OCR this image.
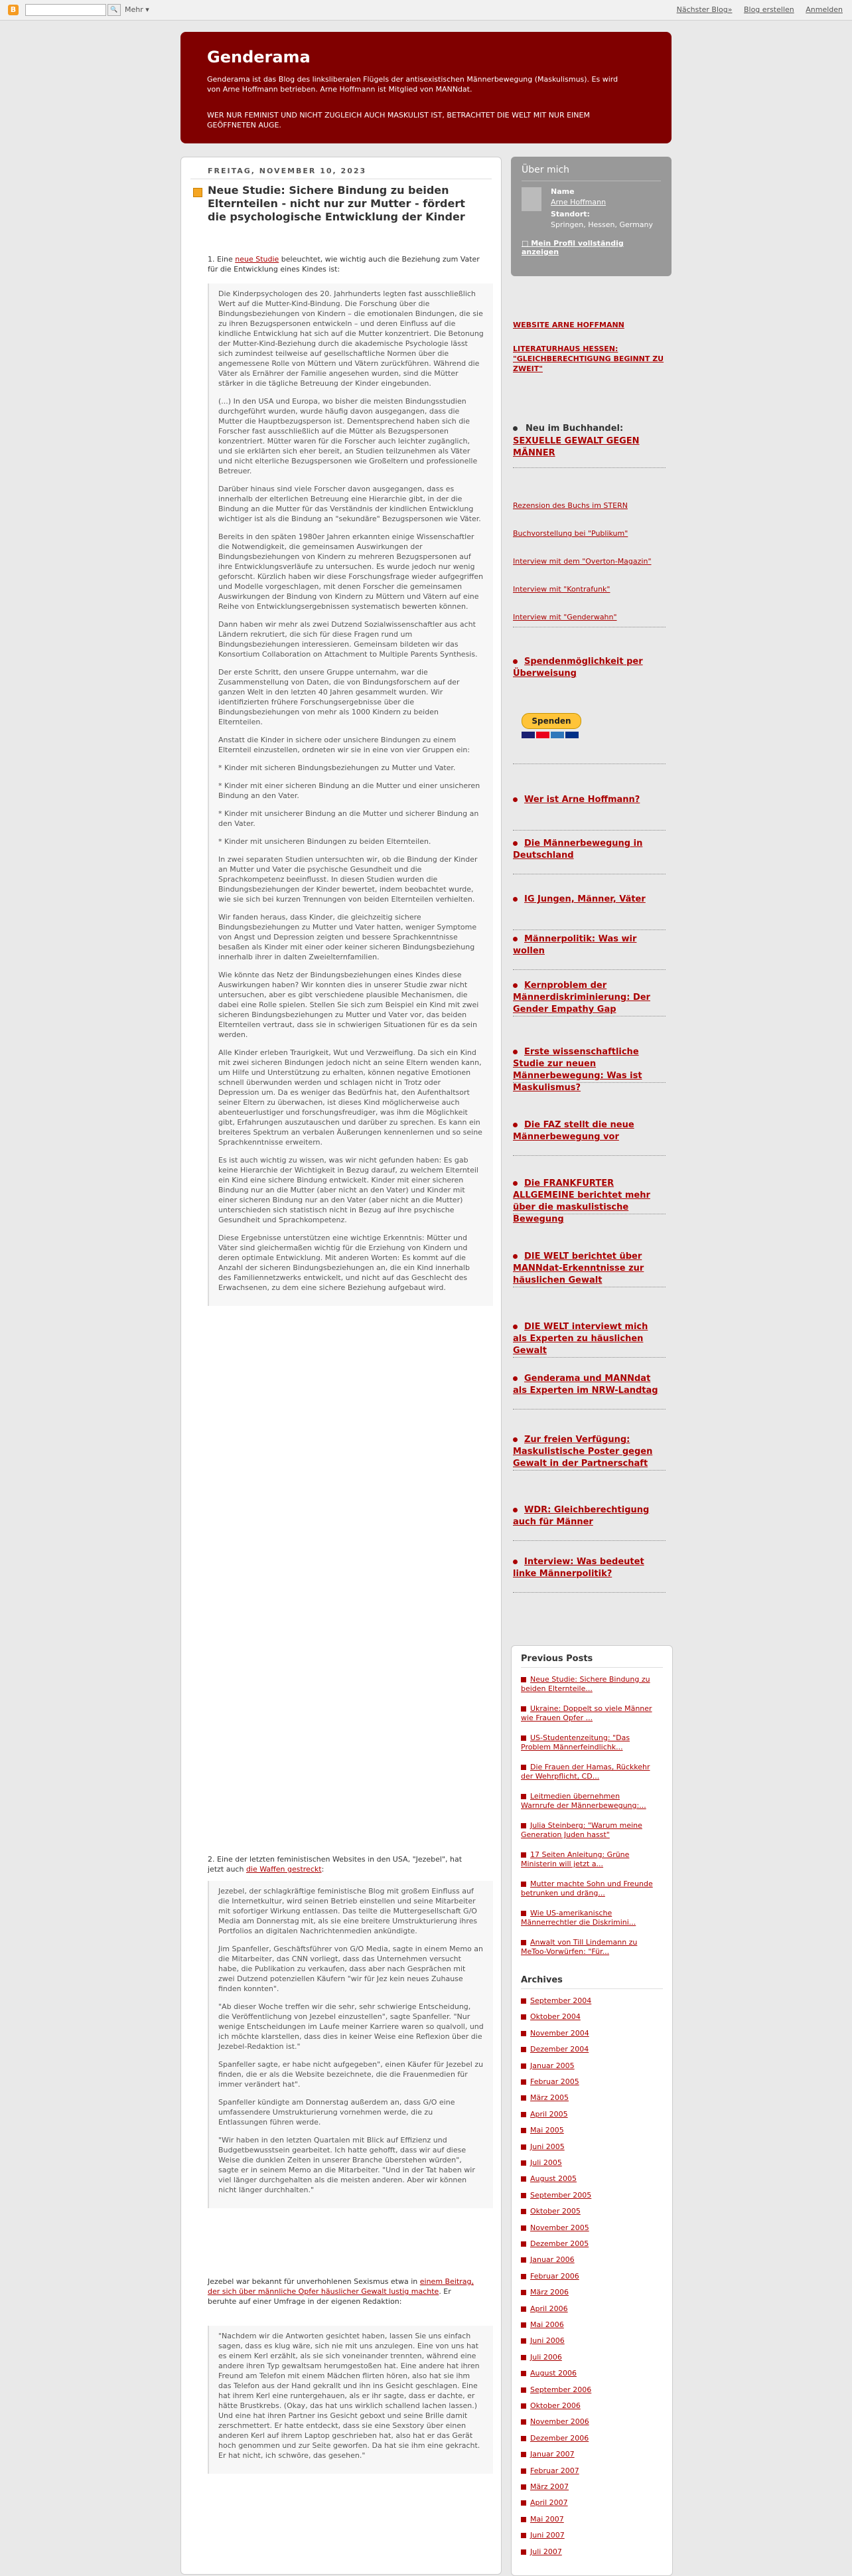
B	🔍 Mehr ▾	Nächster Blog» Blog erstellen Anmelden
Genderama
Genderama ist das Blog des linksliberalen Flügels der antisexistischen Männerbewegung (Maskulismus). Es wird von Arne Hoffmann betrieben. Arne Hoffmann ist Mitglied von MANNdat.
WER NUR FEMINIST UND NICHT ZUGLEICH AUCH MASKULIST IST, BETRACHTET DIE WELT MIT NUR EINEM GEÖFFNETEN AUGE.
FREITAG, NOVEMBER 10, 2023
Neue Studie: Sichere Bindung zu beiden Elternteilen - nicht nur zur Mutter - fördert die psychologische Entwicklung der Kinder
1. Eine neue Studie beleuchtet, wie wichtig auch die Beziehung zum Vater für die Entwicklung eines Kindes ist:

Die Kinderpsychologen des 20. Jahrhunderts legten fast ausschließlich Wert auf die Mutter-Kind-Bindung. Die Forschung über die Bindungsbeziehungen von Kindern – die emotionalen Bindungen, die sie zu ihren Bezugspersonen entwickeln – und deren Einfluss auf die kindliche Entwicklung hat sich auf die Mutter konzentriert. Die Betonung der Mutter-Kind-Beziehung durch die akademische Psychologie lässt sich zumindest teilweise auf gesellschaftliche Normen über die angemessene Rolle von Müttern und Vätern zurückführen. Während die Väter als Ernährer der Familie angesehen wurden, sind die Mütter stärker in die tägliche Betreuung der Kinder eingebunden.

(...) In den USA und Europa, wo bisher die meisten Bindungsstudien durchgeführt wurden, wurde häufig davon ausgegangen, dass die Mutter die Hauptbezugsperson ist. Dementsprechend haben sich die Forscher fast ausschließlich auf die Mütter als Bezugspersonen konzentriert. Mütter waren für die Forscher auch leichter zugänglich, und sie erklärten sich eher bereit, an Studien teilzunehmen als Väter und nicht elterliche Bezugspersonen wie Großeltern und professionelle Betreuer.

Darüber hinaus sind viele Forscher davon ausgegangen, dass es innerhalb der elterlichen Betreuung eine Hierarchie gibt, in der die Bindung an die Mutter für das Verständnis der kindlichen Entwicklung wichtiger ist als die Bindung an "sekundäre" Bezugspersonen wie Väter.

Bereits in den späten 1980er Jahren erkannten einige Wissenschaftler die Notwendigkeit, die gemeinsamen Auswirkungen der Bindungsbeziehungen von Kindern zu mehreren Bezugspersonen auf ihre Entwicklungsverläufe zu untersuchen. Es wurde jedoch nur wenig geforscht. Kürzlich haben wir diese Forschungsfrage wieder aufgegriffen und Modelle vorgeschlagen, mit denen Forscher die gemeinsamen Auswirkungen der Bindung von Kindern zu Müttern und Vätern auf eine Reihe von Entwicklungsergebnissen systematisch bewerten können.

Dann haben wir mehr als zwei Dutzend Sozialwissenschaftler aus acht Ländern rekrutiert, die sich für diese Fragen rund um Bindungsbeziehungen interessieren. Gemeinsam bildeten wir das Konsortium Collaboration on Attachment to Multiple Parents Synthesis.

Der erste Schritt, den unsere Gruppe unternahm, war die Zusammenstellung von Daten, die von Bindungsforschern auf der ganzen Welt in den letzten 40 Jahren gesammelt wurden. Wir identifizierten frühere Forschungsergebnisse über die Bindungsbeziehungen von mehr als 1000 Kindern zu beiden Elternteilen.

Anstatt die Kinder in sichere oder unsichere Bindungen zu einem Elternteil einzustellen, ordneten wir sie in eine von vier Gruppen ein:

* Kinder mit sicheren Bindungsbeziehungen zu Mutter und Vater.

* Kinder mit einer sicheren Bindung an die Mutter und einer unsicheren Bindung an den Vater.

* Kinder mit unsicherer Bindung an die Mutter und sicherer Bindung an den Vater.

* Kinder mit unsicheren Bindungen zu beiden Elternteilen.

In zwei separaten Studien untersuchten wir, ob die Bindung der Kinder an Mutter und Vater die psychische Gesundheit und die Sprachkompetenz beeinflusst. In diesen Studien wurden die Bindungsbeziehungen der Kinder bewertet, indem beobachtet wurde, wie sie sich bei kurzen Trennungen von beiden Elternteilen verhielten.

Wir fanden heraus, dass Kinder, die gleichzeitig sichere Bindungsbeziehungen zu Mutter und Vater hatten, weniger Symptome von Angst und Depression zeigten und bessere Sprachkenntnisse besaßen als Kinder mit einer oder keiner sicheren Bindungsbeziehung innerhalb ihrer in dalten Zweielternfamilien.

Wie könnte das Netz der Bindungsbeziehungen eines Kindes diese Auswirkungen haben? Wir konnten dies in unserer Studie zwar nicht untersuchen, aber es gibt verschiedene plausible Mechanismen, die dabei eine Rolle spielen. Stellen Sie sich zum Beispiel ein Kind mit zwei sicheren Bindungsbeziehungen zu Mutter und Vater vor, das beiden Elternteilen vertraut, dass sie in schwierigen Situationen für es da sein werden.

Alle Kinder erleben Traurigkeit, Wut und Verzweiflung. Da sich ein Kind mit zwei sicheren Bindungen jedoch nicht an seine Eltern wenden kann, um Hilfe und Unterstützung zu erhalten, können negative Emotionen schnell überwunden werden und schlagen nicht in Trotz oder Depression um. Da es weniger das Bedürfnis hat, den Aufenthaltsort seiner Eltern zu überwachen, ist dieses Kind möglicherweise auch abenteuerlustiger und forschungsfreudiger, was ihm die Möglichkeit gibt, Erfahrungen auszutauschen und darüber zu sprechen. Es kann ein breiteres Spektrum an verbalen Äußerungen kennenlernen und so seine Sprachkenntnisse erweitern.

Es ist auch wichtig zu wissen, was wir nicht gefunden haben: Es gab keine Hierarchie der Wichtigkeit in Bezug darauf, zu welchem Elternteil ein Kind eine sichere Bindung entwickelt. Kinder mit einer sicheren Bindung nur an die Mutter (aber nicht an den Vater) und Kinder mit einer sicheren Bindung nur an den Vater (aber nicht an die Mutter) unterschieden sich statistisch nicht in Bezug auf ihre psychische Gesundheit und Sprachkompetenz.

Diese Ergebnisse unterstützen eine wichtige Erkenntnis: Mütter und Väter sind gleichermaßen wichtig für die Erziehung von Kindern und deren optimale Entwicklung. Mit anderen Worten: Es kommt auf die Anzahl der sicheren Bindungsbeziehungen an, die ein Kind innerhalb des Familiennetzwerks entwickelt, und nicht auf das Geschlecht des Erwachsenen, zu dem eine sichere Beziehung aufgebaut wird.

2. Eine der letzten feministischen Websites in den USA, "Jezebel", hat jetzt auch die Waffen gestreckt:

Jezebel, der schlagkräftige feministische Blog mit großem Einfluss auf die Internetkultur, wird seinen Betrieb einstellen und seine Mitarbeiter mit sofortiger Wirkung entlassen. Das teilte die Muttergesellschaft G/O Media am Donnerstag mit, als sie eine breitere Umstrukturierung ihres Portfolios an digitalen Nachrichtenmedien ankündigte.

Jim Spanfeller, Geschäftsführer von G/O Media, sagte in einem Memo an die Mitarbeiter, das CNN vorliegt, dass das Unternehmen versucht habe, die Publikation zu verkaufen, dass aber nach Gesprächen mit zwei Dutzend potenziellen Käufern "wir für Jez kein neues Zuhause finden konnten".

"Ab dieser Woche treffen wir die sehr, sehr schwierige Entscheidung, die Veröffentlichung von Jezebel einzustellen", sagte Spanfeller. "Nur wenige Entscheidungen im Laufe meiner Karriere waren so qualvoll, und ich möchte klarstellen, dass dies in keiner Weise eine Reflexion über die Jezebel-Redaktion ist."

Spanfeller sagte, er habe nicht aufgegeben", einen Käufer für Jezebel zu finden, die er als die Website bezeichnete, die die Frauenmedien für immer verändert hat".

Spanfeller kündigte am Donnerstag außerdem an, dass G/O eine umfassendere Umstrukturierung vornehmen werde, die zu Entlassungen führen werde.

"Wir haben in den letzten Quartalen mit Blick auf Effizienz und Budgetbewusstsein gearbeitet. Ich hatte gehofft, dass wir auf diese Weise die dunklen Zeiten in unserer Branche überstehen würden", sagte er in seinem Memo an die Mitarbeiter. "Und in der Tat haben wir viel länger durchgehalten als die meisten anderen. Aber wir können nicht länger durchhalten."

Jezebel war bekannt für unverhohlenen Sexismus etwa in einem Beitrag, der sich über männliche Opfer häuslicher Gewalt lustig machte. Er beruhte auf einer Umfrage in der eigenen Redaktion:

"Nachdem wir die Antworten gesichtet haben, lassen Sie uns einfach sagen, dass es klug wäre, sich nie mit uns anzulegen. Eine von uns hat es einem Kerl erzählt, als sie sich voneinander trennten, während eine andere ihren Typ gewaltsam herumgestoßen hat. Eine andere hat ihren Freund am Telefon mit einem Mädchen flirten hören, also hat sie ihm das Telefon aus der Hand gekrallt und ihn ins Gesicht geschlagen. Eine hat ihrem Kerl eine runtergehauen, als er ihr sagte, dass er dachte, er hätte Brustkrebs. (Okay, das hat uns wirklich schallend lachen lassen.) Und eine hat ihren Partner ins Gesicht geboxt und seine Brille damit zerschmettert. Er hatte entdeckt, dass sie eine Sexstory über einen anderen Kerl auf ihrem Laptop geschrieben hat, also hat er das Gerät hoch genommen und zur Seite geworfen. Da hat sie ihm eine gekracht. Er hat nicht, ich schwöre, das gesehen."

Über mich
Name
Arne Hoffmann
Standort:
Springen, Hessen, Germany
□ Mein Profil vollständig anzeigen
WEBSITE ARNE HOFFMANN
LITERATURHAUS HESSEN: "GLEICHBERECHTIGUNG BEGINNT ZU ZWEIT"
Neu im Buchhandel:
SEXUELLE GEWALT GEGEN MÄNNER
Rezension des Buchs im STERN
Buchvorstellung bei "Publikum"
Interview mit dem "Overton-Magazin"
Interview mit "Kontrafunk"
Interview mit "Genderwahn"
Spendenmöglichkeit per Überweisung
Spenden
Wer ist Arne Hoffmann?
Die Männerbewegung in Deutschland
IG Jungen, Männer, Väter
Männerpolitik: Was wir wollen
Kernproblem der Männerdiskriminierung: Der Gender Empathy Gap
Erste wissenschaftliche Studie zur neuen Männerbewegung: Was ist Maskulismus?
Die FAZ stellt die neue Männerbewegung vor
Die FRANKFURTER ALLGEMEINE berichtet mehr über die maskulistische Bewegung
DIE WELT berichtet über MANNdat-Erkenntnisse zur häuslichen Gewalt
DIE WELT interviewt mich als Experten zu häuslichen Gewalt
Genderama und MANNdat als Experten im NRW-Landtag
Zur freien Verfügung: Maskulistische Poster gegen Gewalt in der Partnerschaft
WDR: Gleichberechtigung auch für Männer
Interview: Was bedeutet linke Männerpolitik?
Previous Posts
Neue Studie: Sichere Bindung zu beiden Elternteile...
Ukraine: Doppelt so viele Männer wie Frauen Opfer ...
US-Studentenzeitung: "Das Problem Männerfeindlichk...
Die Frauen der Hamas, Rückkehr der Wehrpflicht, CD...
Leitmedien übernehmen Warnrufe der Männerbewegung:...
Julia Steinberg: "Warum meine Generation Juden hasst"
17 Seiten Anleitung: Grüne Ministerin will jetzt a...
Mutter machte Sohn und Freunde betrunken und dräng...
Wie US-amerikanische Männerrechtler die Diskrimini...
Anwalt von Till Lindemann zu MeToo-Vorwürfen: "Für...
Archives
September 2004
Oktober 2004
November 2004
Dezember 2004
Januar 2005
Februar 2005
März 2005
April 2005
Mai 2005
Juni 2005
Juli 2005
August 2005
September 2005
Oktober 2005
November 2005
Dezember 2005
Januar 2006
Februar 2006
März 2006
April 2006
Mai 2006
Juni 2006
Juli 2006
August 2006
September 2006
Oktober 2006
November 2006
Dezember 2006
Januar 2007
Februar 2007
März 2007
April 2007
Mai 2007
Juni 2007
Juli 2007
